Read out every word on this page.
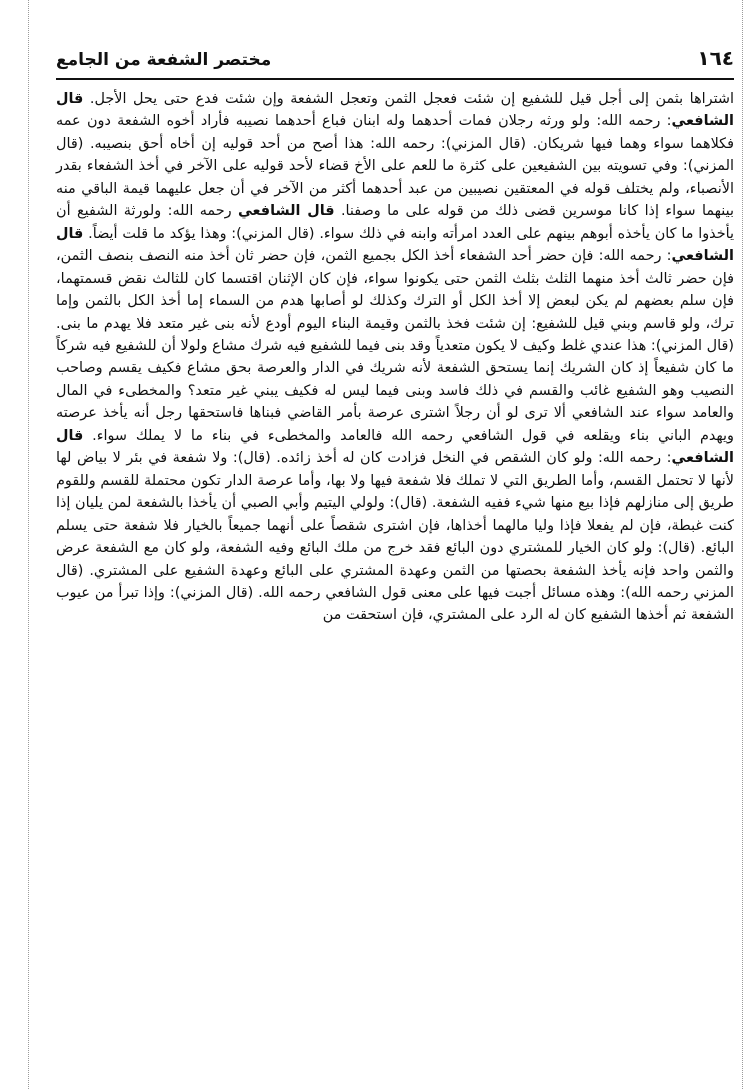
١٦٤
مختصر الشفعة من الجامع
اشتراها بثمن إلى أجل قيل للشفيع إن شئت فعجل الثمن وتعجل الشفعة وإن شئت فدع حتى يحل الأجل. قال الشافعي: رحمه الله: ولو ورثه رجلان فمات أحدهما وله ابنان فباع أحدهما نصيبه فأراد أخوه الشفعة دون عمه فكلاهما سواء وهما فيها شريكان. (قال المزني): رحمه الله: هذا أصح من أحد قوليه إن أخاه أحق بنصيبه. (قال المزني): وفي تسويته بين الشفيعين على كثرة ما للعم على الأخ قضاء لأحد قوليه على الآخر في أخذ الشفعاء بقدر الأنصباء، ولم يختلف قوله في المعتقين نصيبين من عبد أحدهما أكثر من الآخر في أن جعل عليهما قيمة الباقي منه بينهما سواء إذا كانا موسرين قضى ذلك من قوله على ما وصفنا. قال الشافعي رحمه الله: ولورثة الشفيع أن يأخذوا ما كان يأخذه أبوهم بينهم على العدد امرأته وابنه في ذلك سواء. (قال المزني): وهذا يؤكد ما قلت أيضاً. قال الشافعي: رحمه الله: فإن حضر أحد الشفعاء أخذ الكل بجميع الثمن، فإن حضر ثان أخذ منه النصف بنصف الثمن، فإن حضر ثالث أخذ منهما الثلث بثلث الثمن حتى يكونوا سواء، فإن كان الإثنان اقتسما كان للثالث نقض قسمتهما، فإن سلم بعضهم لم يكن لبعض إلا أخذ الكل أو الترك وكذلك لو أصابها هدم من السماء إما أخذ الكل بالثمن وإما ترك، ولو قاسم وبني قيل للشفيع: إن شئت فخذ بالثمن وقيمة البناء اليوم أودع لأنه بنى غير متعد فلا يهدم ما بنى. (قال المزني): هذا عندي غلط وكيف لا يكون متعدياً وقد بنى فيما للشفيع فيه شرك مشاع ولولا أن للشفيع فيه شركاً ما كان شفيعاً إذ كان الشريك إنما يستحق الشفعة لأنه شريك في الدار والعرصة بحق مشاع فكيف يقسم وصاحب النصيب وهو الشفيع غائب والقسم في ذلك فاسد وبنى فيما ليس له فكيف يبني غير متعد؟ والمخطىء في المال والعامد سواء عند الشافعي ألا ترى لو أن رجلاً اشترى عرصة بأمر القاضي فبناها فاستحقها رجل أنه يأخذ عرصته ويهدم الباني بناء ويقلعه في قول الشافعي رحمه الله فالعامد والمخطىء في بناء ما لا يملك سواء. قال الشافعي: رحمه الله: ولو كان الشقص في النخل فزادت كان له أخذ زائده. (قال): ولا شفعة في بئر لا بياض لها لأنها لا تحتمل القسم، وأما الطريق التي لا تملك فلا شفعة فيها ولا بها، وأما عرصة الدار تكون محتملة للقسم وللقوم طريق إلى منازلهم فإذا بيع منها شيء ففيه الشفعة. (قال): ولولي اليتيم وأبي الصبي أن يأخذا بالشفعة لمن يليان إذا كنت غبطة، فإن لم يفعلا فإذا وليا مالهما أخذاها، فإن اشترى شقصاً على أنهما جميعاً بالخيار فلا شفعة حتى يسلم البائع. (قال): ولو كان الخيار للمشتري دون البائع فقد خرج من ملك البائع وفيه الشفعة، ولو كان مع الشفعة عرض والثمن واحد فإنه يأخذ الشفعة بحصتها من الثمن وعهدة المشتري على البائع وعهدة الشفيع على المشتري. (قال المزني رحمه الله): وهذه مسائل أجبت فيها على معنى قول الشافعي رحمه الله. (قال المزني): وإذا تبرأ من عيوب الشفعة ثم أخذها الشفيع كان له الرد على المشتري، فإن استحقت من
